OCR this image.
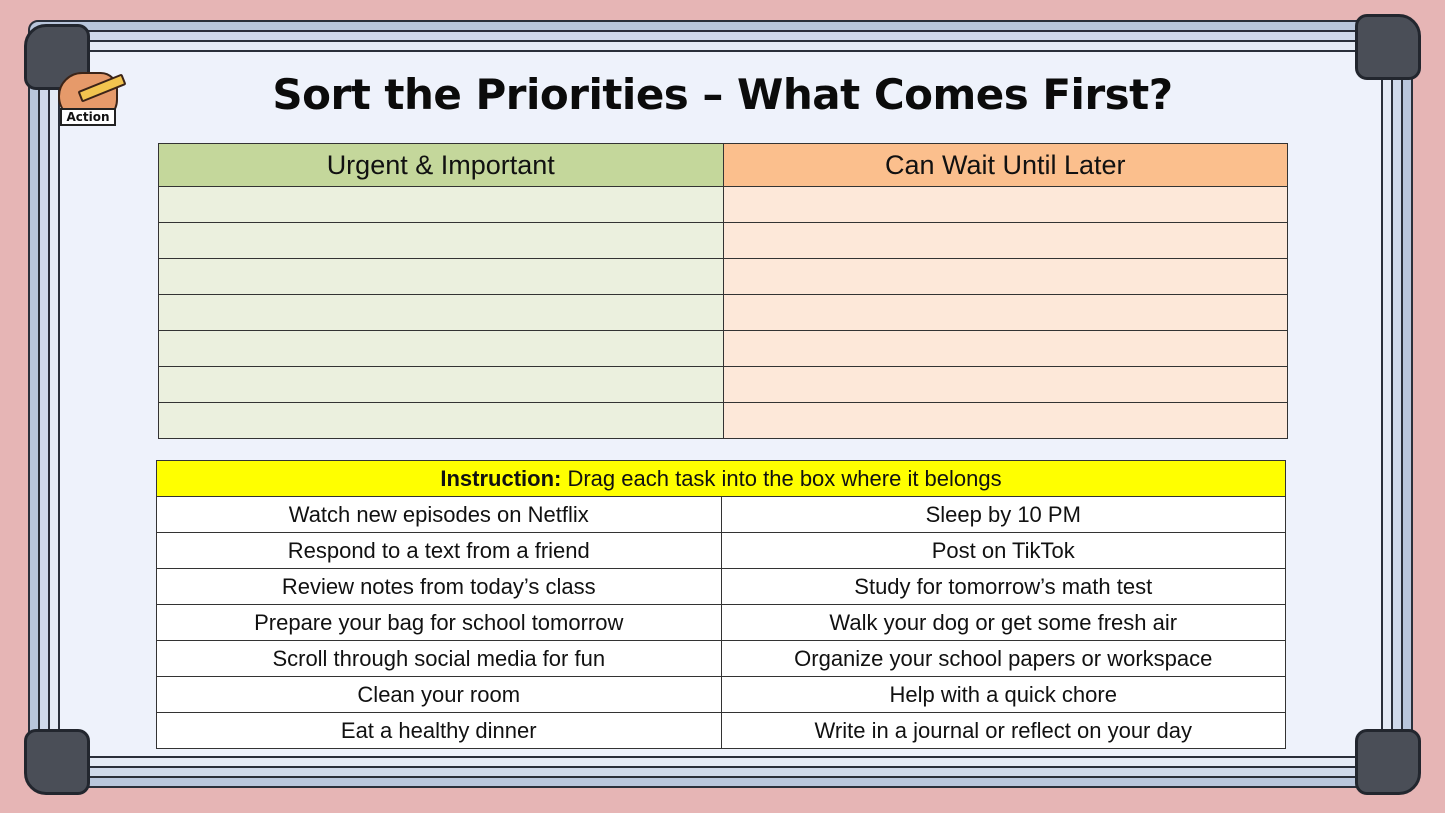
Action	Sort the Priorities – What Comes First?
Urgent & Important	Can Wait Until Later

Instruction: Drag each task into the box where it belongs	
Watch new episodes on Netflix	Sleep by 10 PM
Respond to a text from a friend	Post on TikTok
Review notes from today’s class	Study for tomorrow’s math test
Prepare your bag for school tomorrow	Walk your dog or get some fresh air
Scroll through social media for fun	Organize your school papers or workspace
Clean your room	Help with a quick chore
Eat a healthy dinner	Write in a journal or reflect on your day
